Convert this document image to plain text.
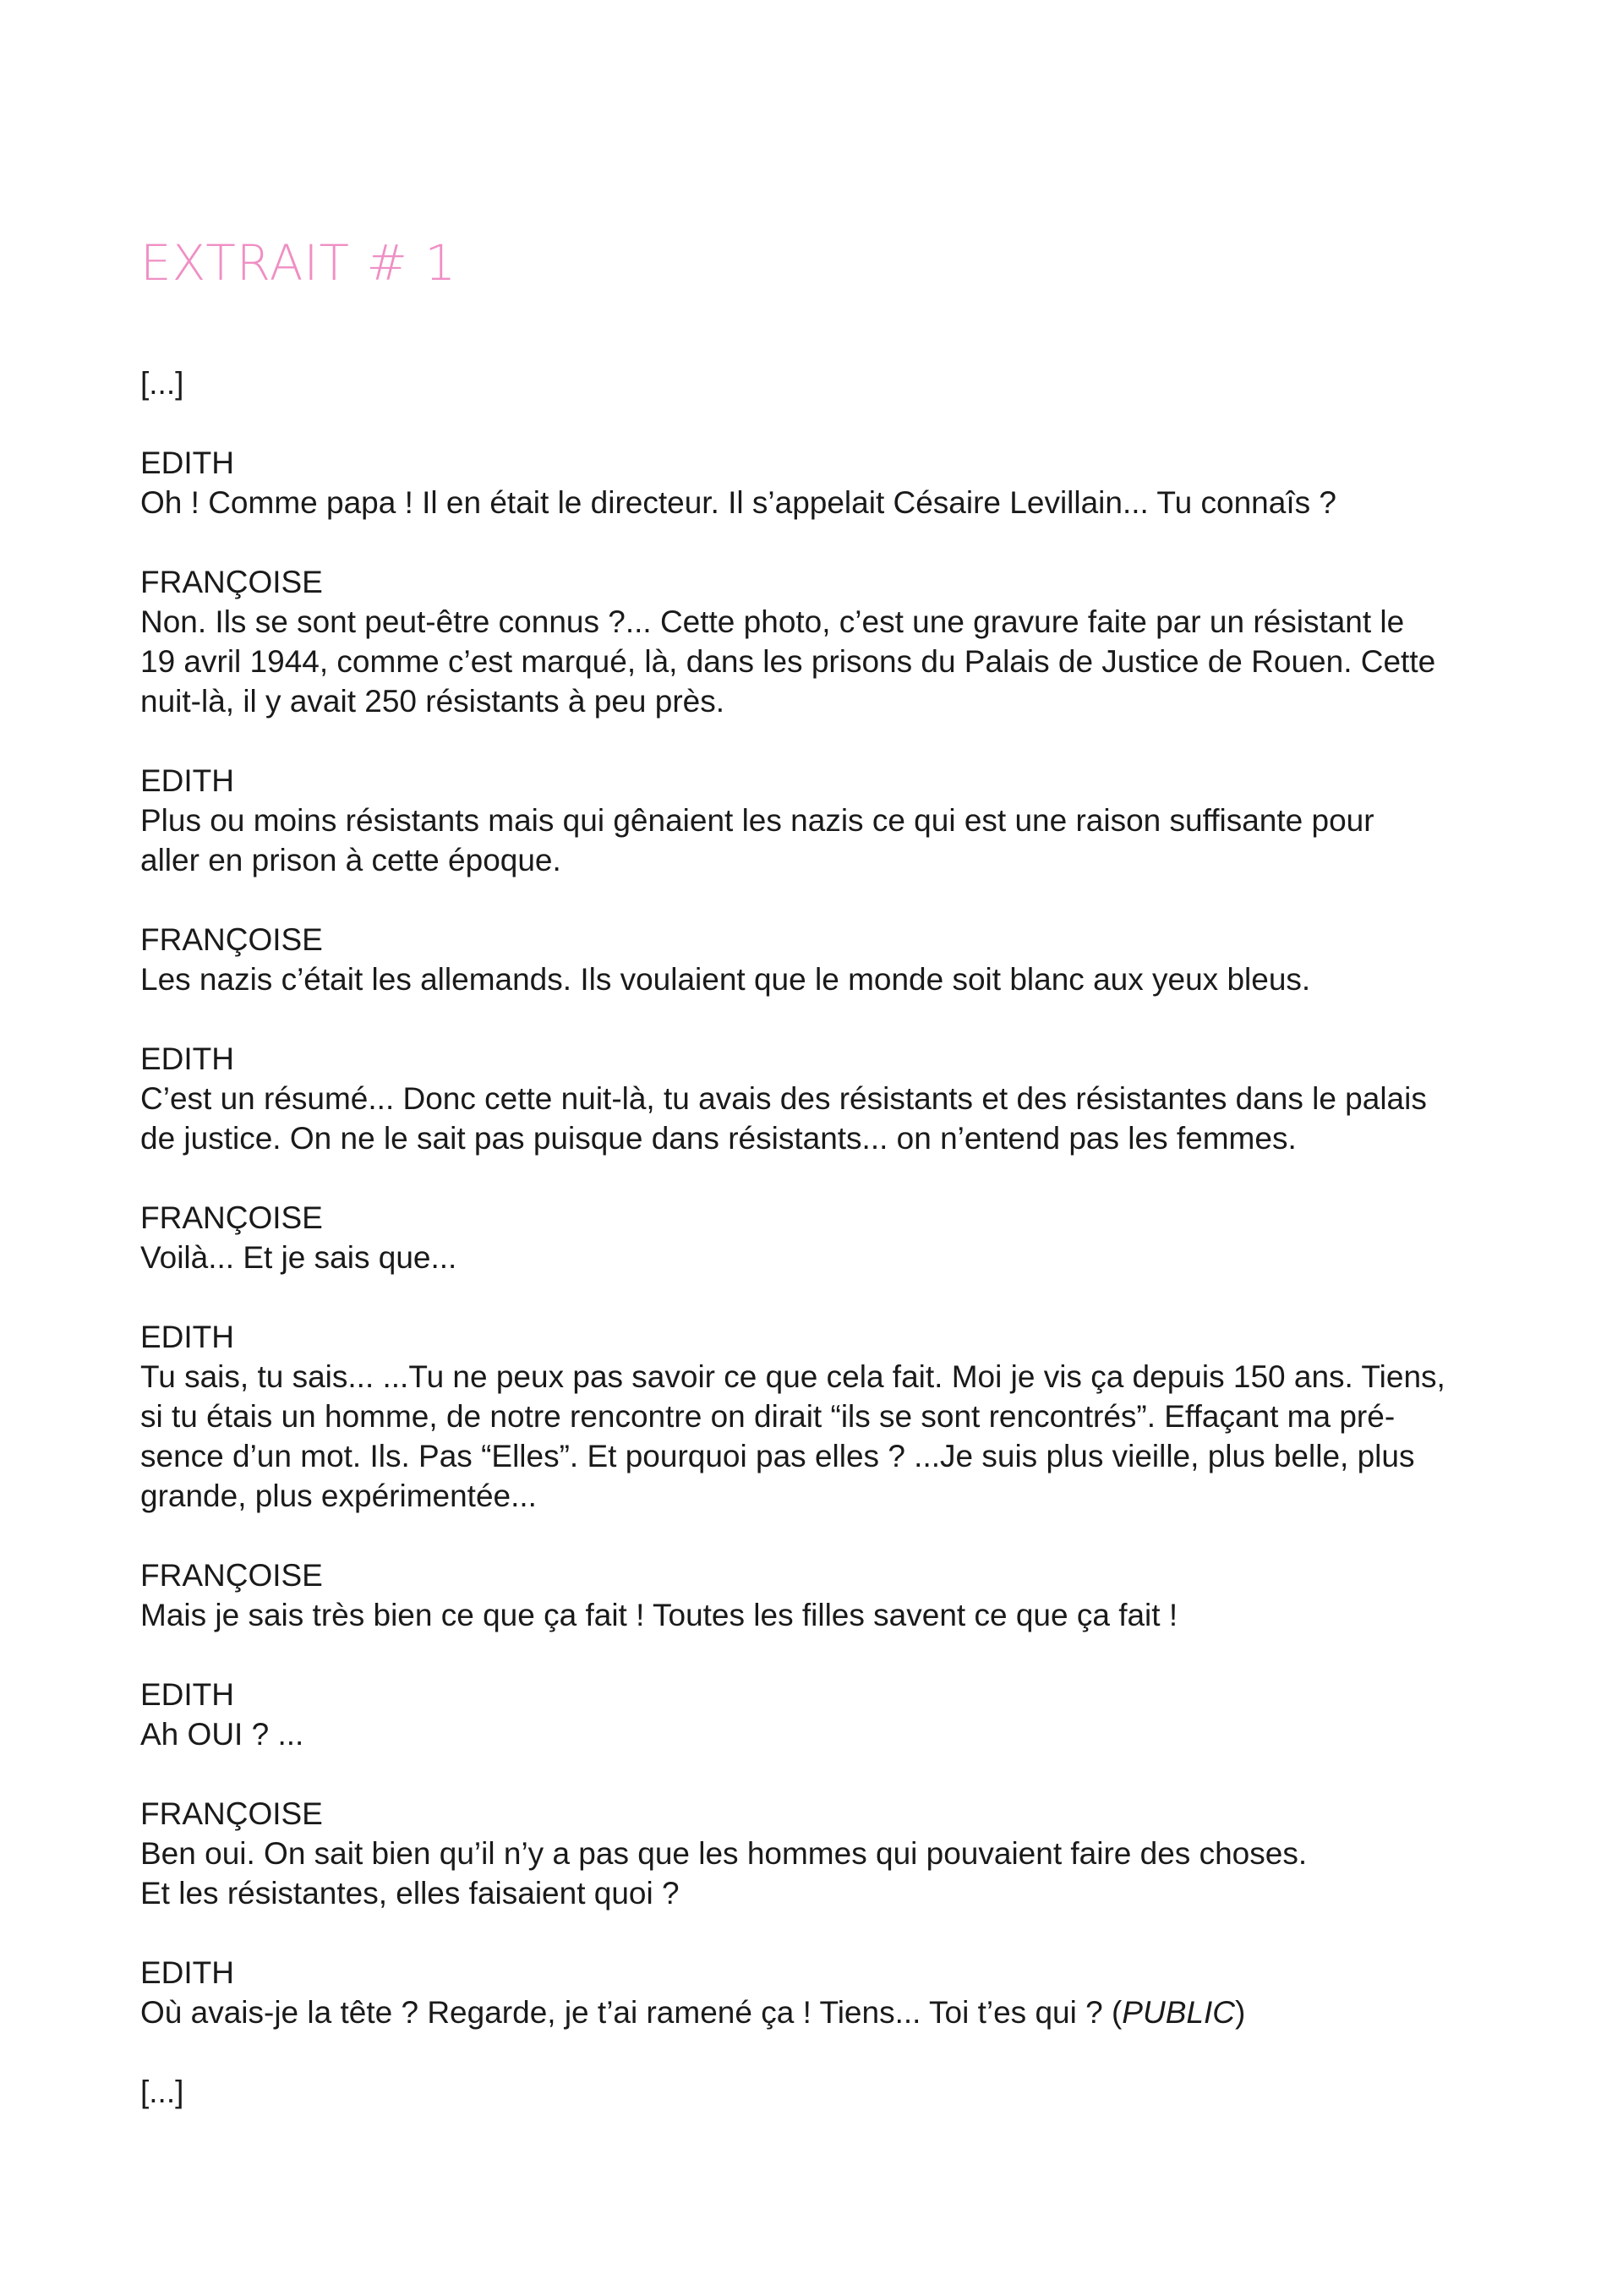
EXTRAIT # 1

[...]

EDITH
Oh ! Comme papa ! Il en était le directeur. Il s’appelait Césaire Levillain... Tu connaîs ?
FRANÇOISE
Non. Ils se sont peut-être connus ?... Cette photo, c’est une gravure faite par un résistant le
19 avril 1944, comme c’est marqué, là, dans les prisons du Palais de Justice de Rouen. Cette
nuit-là, il y avait 250 résistants à peu près.
EDITH
Plus ou moins résistants mais qui gênaient les nazis ce qui est une raison suffisante pour
aller en prison à cette époque.
FRANÇOISE
Les nazis c’était les allemands. Ils voulaient que le monde soit blanc aux yeux bleus.
EDITH
C’est un résumé... Donc cette nuit-là, tu avais des résistants et des résistantes dans le palais
de justice. On ne le sait pas puisque dans résistants... on n’entend pas les femmes.
FRANÇOISE
Voilà... Et je sais que...
EDITH
Tu sais, tu sais... ...Tu ne peux pas savoir ce que cela fait. Moi je vis ça depuis 150 ans. Tiens,
si tu étais un homme, de notre rencontre on dirait “ils se sont rencontrés”. Effaçant ma pré-
sence d’un mot. Ils. Pas “Elles”. Et pourquoi pas elles ? ...Je suis plus vieille, plus belle, plus
grande, plus expérimentée...
FRANÇOISE
Mais je sais très bien ce que ça fait ! Toutes les filles savent ce que ça fait !
EDITH
Ah OUI ? ...
FRANÇOISE
Ben oui. On sait bien qu’il n’y a pas que les hommes qui pouvaient faire des choses.
Et les résistantes, elles faisaient quoi ?
EDITH
Où avais-je la tête ? Regarde, je t’ai ramené ça ! Tiens... Toi t’es qui ? (PUBLIC)

[...]
